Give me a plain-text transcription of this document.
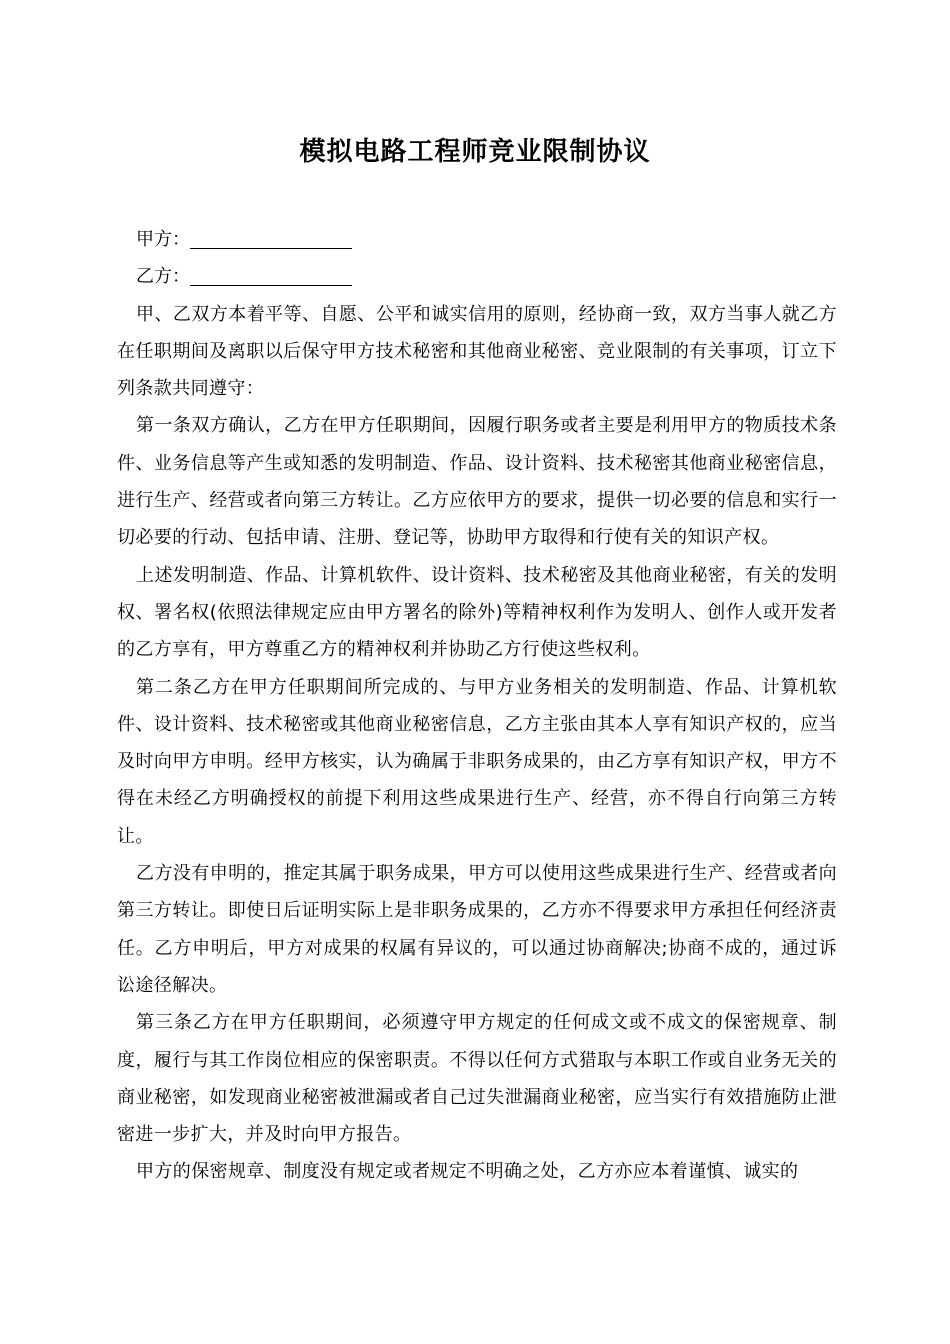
模拟电路工程师竞业限制协议

甲方：

乙方：

甲、乙双方本着平等、自愿、公平和诚实信用的原则，经协商一致，双方当事人就乙方在任职期间及离职以后保守甲方技术秘密和其他商业秘密、竞业限制的有关事项，订立下列条款共同遵守：

第一条双方确认，乙方在甲方任职期间，因履行职务或者主要是利用甲方的物质技术条件、业务信息等产生或知悉的发明制造、作品、设计资料、技术秘密其他商业秘密信息，进行生产、经营或者向第三方转让。乙方应依甲方的要求，提供一切必要的信息和实行一切必要的行动、包括申请、注册、登记等，协助甲方取得和行使有关的知识产权。

上述发明制造、作品、计算机软件、设计资料、技术秘密及其他商业秘密，有关的发明权、署名权(依照法律规定应由甲方署名的除外)等精神权利作为发明人、创作人或开发者的乙方享有，甲方尊重乙方的精神权利并协助乙方行使这些权利。

第二条乙方在甲方任职期间所完成的、与甲方业务相关的发明制造、作品、计算机软件、设计资料、技术秘密或其他商业秘密信息，乙方主张由其本人享有知识产权的，应当及时向甲方申明。经甲方核实，认为确属于非职务成果的，由乙方享有知识产权，甲方不得在未经乙方明确授权的前提下利用这些成果进行生产、经营，亦不得自行向第三方转让。

乙方没有申明的，推定其属于职务成果，甲方可以使用这些成果进行生产、经营或者向第三方转让。即使日后证明实际上是非职务成果的，乙方亦不得要求甲方承担任何经济责任。乙方申明后，甲方对成果的权属有异议的，可以通过协商解决;协商不成的，通过诉讼途径解决。

第三条乙方在甲方任职期间，必须遵守甲方规定的任何成文或不成文的保密规章、制度，履行与其工作岗位相应的保密职责。不得以任何方式猎取与本职工作或自业务无关的商业秘密，如发现商业秘密被泄漏或者自己过失泄漏商业秘密，应当实行有效措施防止泄密进一步扩大，并及时向甲方报告。

甲方的保密规章、制度没有规定或者规定不明确之处，乙方亦应本着谨慎、诚实的
